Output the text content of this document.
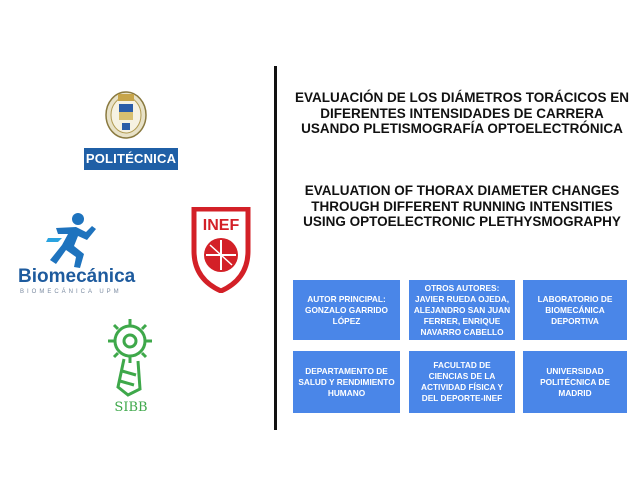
POLITÉCNICA
Biomecánica
BIOMECÁNICA UPM
INEF
SIBB
EVALUACIÓN DE LOS DIÁMETROS TORÁCICOS EN DIFERENTES INTENSIDADES DE CARRERA USANDO PLETISMOGRAFÍA OPTOELECTRÓNICA
EVALUATION OF THORAX DIAMETER CHANGES THROUGH DIFFERENT RUNNING INTENSITIES USING OPTOELECTRONIC PLETHYSMOGRAPHY
AUTOR PRINCIPAL: GONZALO GARRIDO LÓPEZ
OTROS AUTORES: JAVIER RUEDA OJEDA, ALEJANDRO SAN JUAN FERRER, ENRIQUE NAVARRO CABELLO
LABORATORIO DE BIOMECÁNICA DEPORTIVA
DEPARTAMENTO DE SALUD Y RENDIMIENTO HUMANO
FACULTAD DE CIENCIAS DE LA ACTIVIDAD FÍSICA Y DEL DEPORTE-INEF
UNIVERSIDAD POLITÉCNICA DE MADRID
